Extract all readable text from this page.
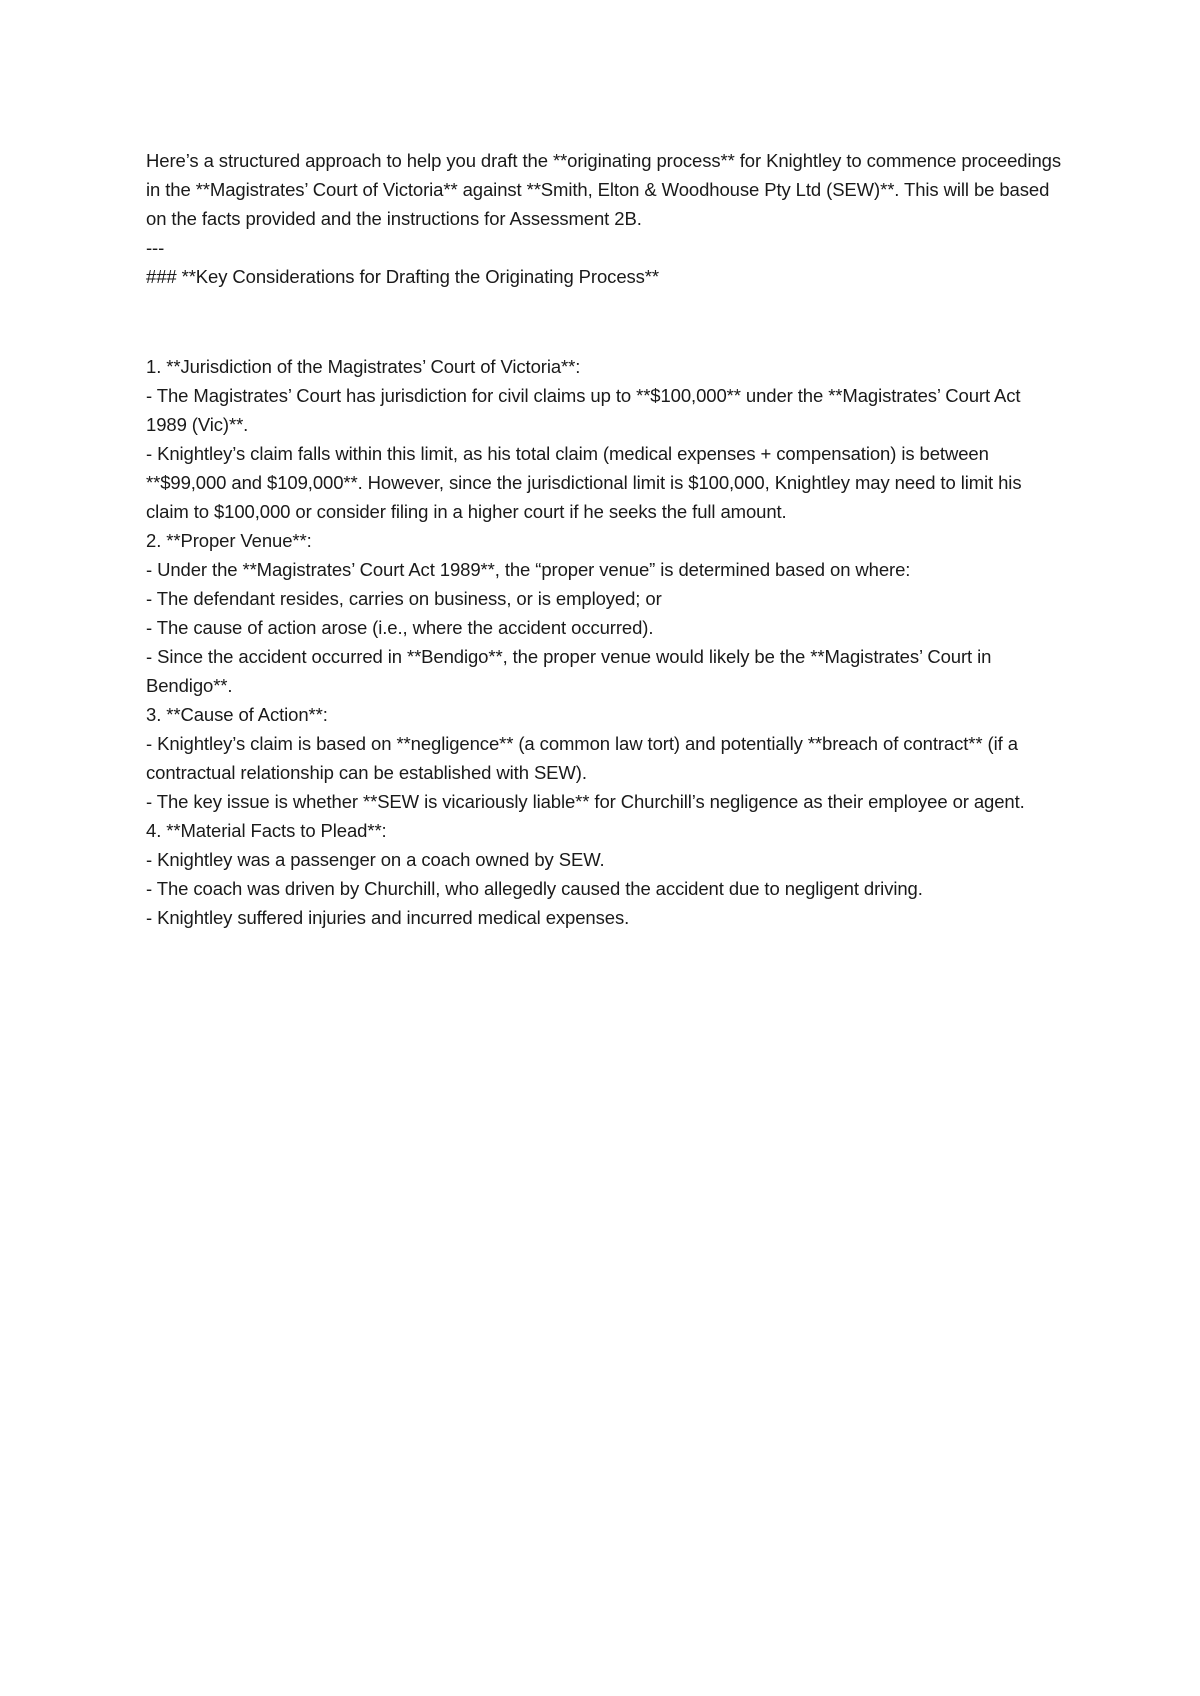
Here’s a structured approach to help you draft the **originating process** for Knightley to commence proceedings in the **Magistrates’ Court of Victoria** against **Smith, Elton & Woodhouse Pty Ltd (SEW)**. This will be based on the facts provided and the instructions for Assessment 2B.

---

### **Key Considerations for Drafting the Originating Process**

1. **Jurisdiction of the Magistrates’ Court of Victoria**:

- The Magistrates’ Court has jurisdiction for civil claims up to **$100,000** under the **Magistrates’ Court Act 1989 (Vic)**.

- Knightley’s claim falls within this limit, as his total claim (medical expenses + compensation) is between **$99,000 and $109,000**. However, since the jurisdictional limit is $100,000, Knightley may need to limit his claim to $100,000 or consider filing in a higher court if he seeks the full amount.

2. **Proper Venue**:

- Under the **Magistrates’ Court Act 1989**, the “proper venue” is determined based on where:

- The defendant resides, carries on business, or is employed; or

- The cause of action arose (i.e., where the accident occurred).

- Since the accident occurred in **Bendigo**, the proper venue would likely be the **Magistrates’ Court in Bendigo**.

3. **Cause of Action**:

- Knightley’s claim is based on **negligence** (a common law tort) and potentially **breach of contract** (if a contractual relationship can be established with SEW).

- The key issue is whether **SEW is vicariously liable** for Churchill’s negligence as their employee or agent.

4. **Material Facts to Plead**:

- Knightley was a passenger on a coach owned by SEW.

- The coach was driven by Churchill, who allegedly caused the accident due to negligent driving.

- Knightley suffered injuries and incurred medical expenses.
